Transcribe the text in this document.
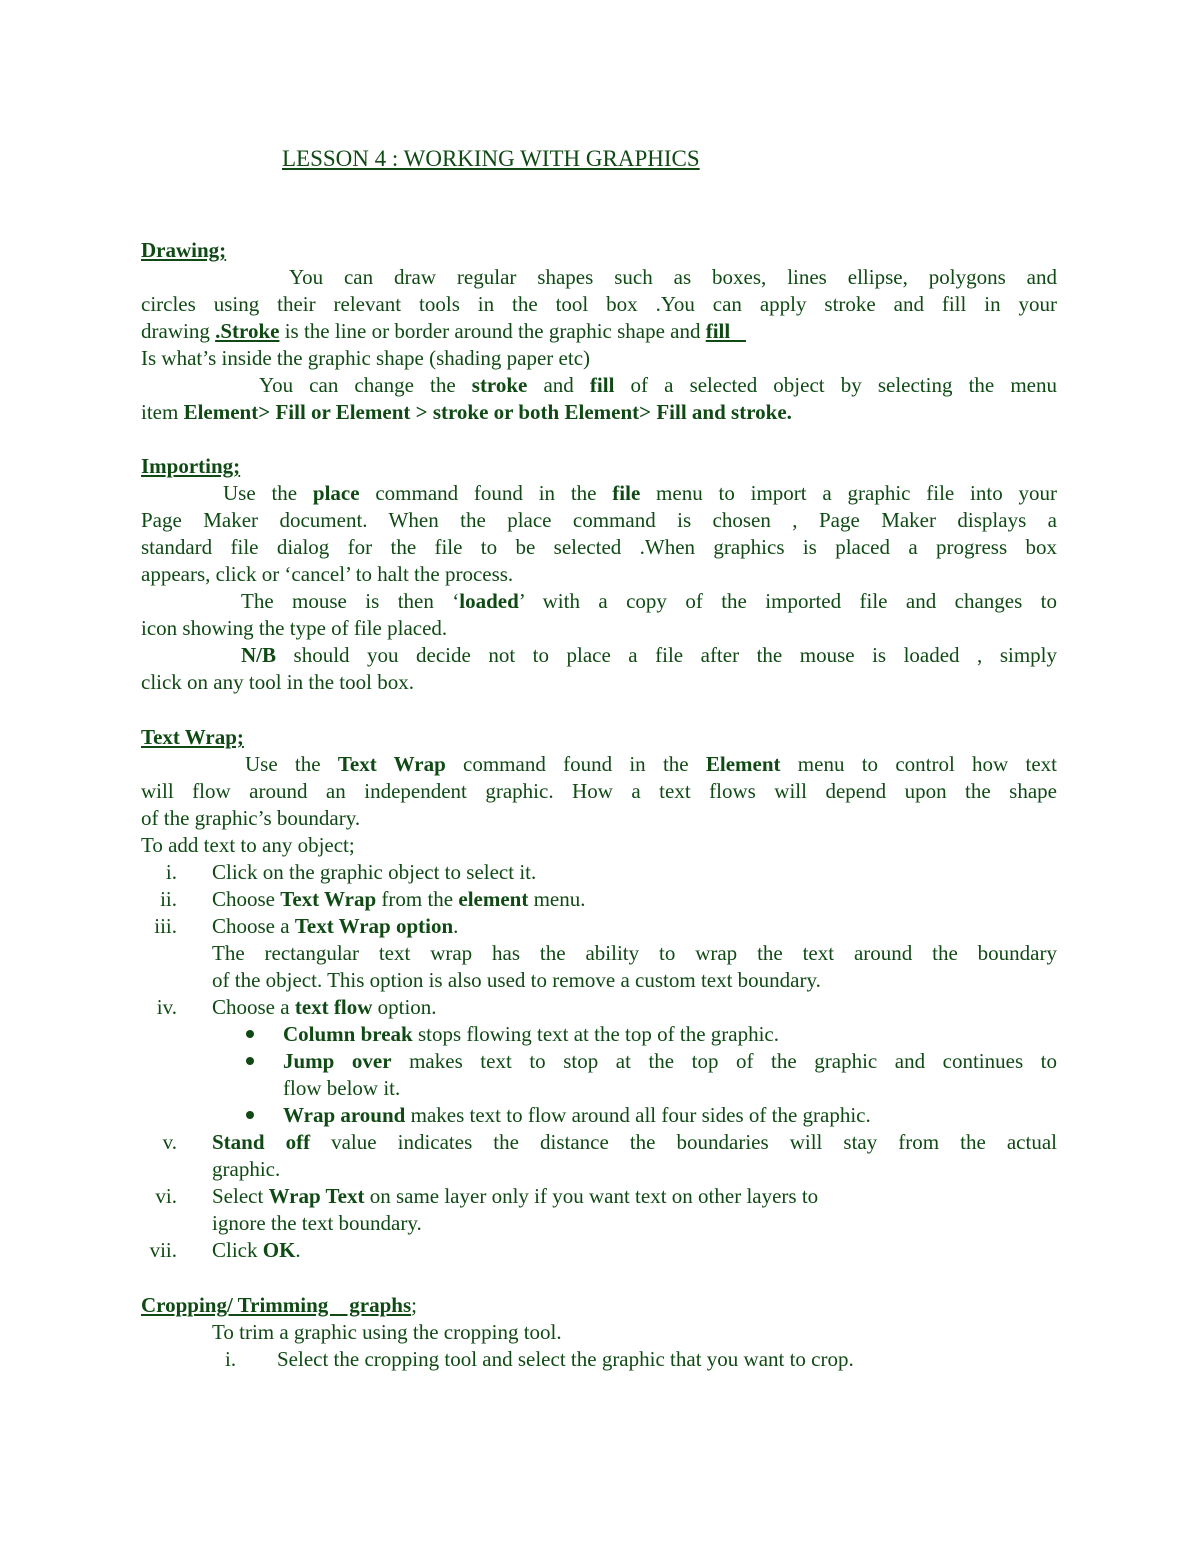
LESSON 4 : WORKING WITH GRAPHICS
Drawing;
You can draw regular shapes such as boxes, lines ellipse, polygons and
circles using their relevant tools in the tool box .You can apply stroke and fill in your
drawing .Stroke is the line or border around the graphic shape and fill
Is what’s inside the graphic shape (shading paper etc)
You can change the stroke and fill of a selected object by selecting the menu
item Element> Fill or Element > stroke or both Element> Fill and stroke.
Importing;
Use the place command found in the file menu to import a graphic file into your
Page Maker document. When the place command is chosen , Page Maker displays a
standard file dialog for the file to be selected .When graphics is placed a progress box
appears, click or ‘cancel’ to halt the process.
The mouse is then ‘loaded’ with a copy of the imported file and changes to
icon showing the type of file placed.
N/B should you decide not to place a file after the mouse is loaded , simply
click on any tool in the tool box.
Text Wrap;
Use the Text Wrap command found in the Element menu to control how text
will flow around an independent graphic. How a text flows will depend upon the shape
of the graphic’s boundary.
To add text to any object;
i. Click on the graphic object to select it.
ii. Choose Text Wrap from the element menu.
iii. Choose a Text Wrap option.
The rectangular text wrap has the ability to wrap the text around the boundary
of the object. This option is also used to remove a custom text boundary.
iv. Choose a text flow option.
Column break stops flowing text at the top of the graphic.
Jump over makes text to stop at the top of the graphic and continues to
flow below it.
Wrap around makes text to flow around all four sides of the graphic.
v. Stand off value indicates the distance the boundaries will stay from the actual
graphic.
vi. Select Wrap Text on same layer only if you want text on other layers to
ignore the text boundary.
vii. Click OK.
Cropping/ Trimming    graphs;
To trim a graphic using the cropping tool.
i. Select the cropping tool and select the graphic that you want to crop.
